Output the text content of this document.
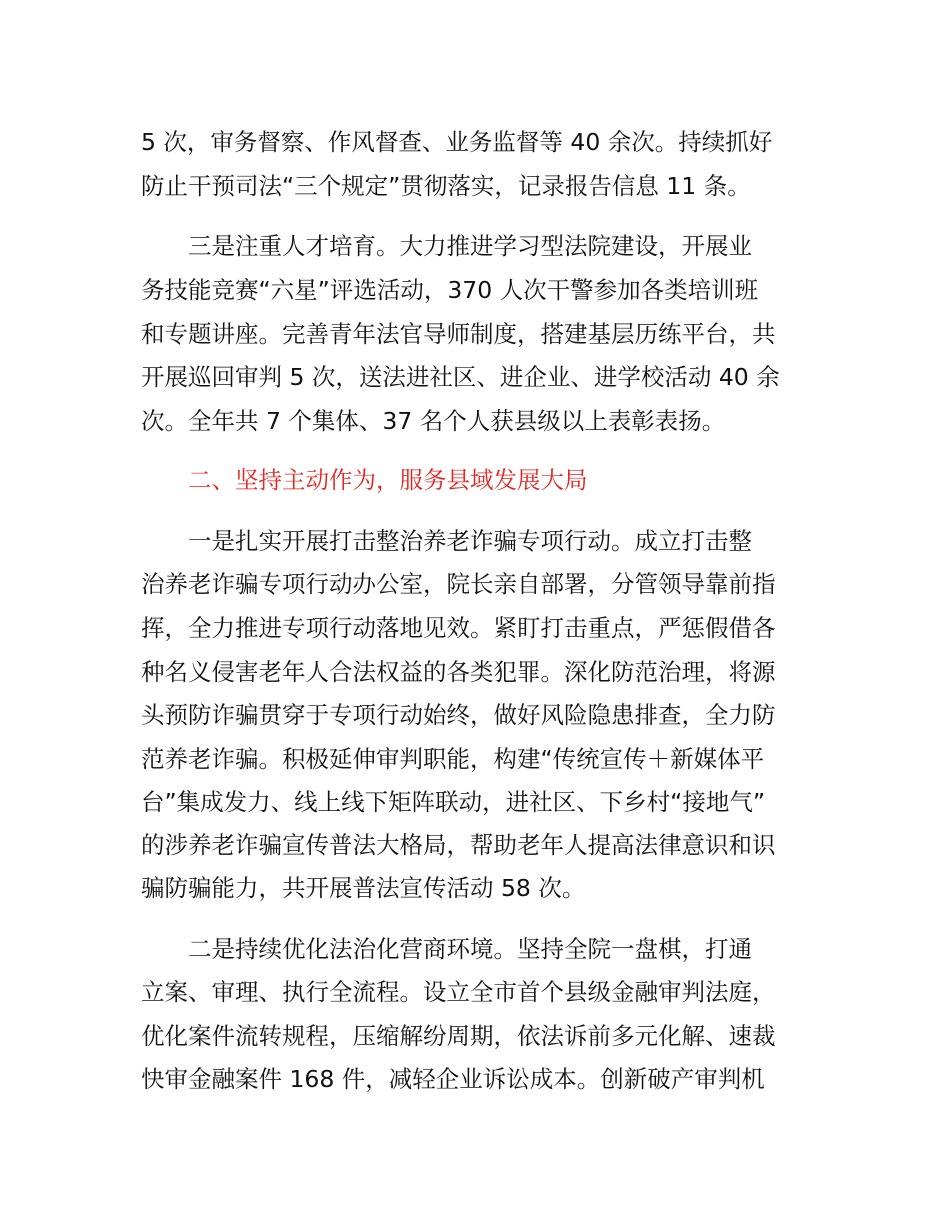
5 次，审务督察、作风督查、业务监督等 40 余次。持续抓好
防止干预司法“三个规定”贯彻落实，记录报告信息 11 条。
三是注重人才培育。大力推进学习型法院建设，开展业
务技能竞赛“六星”评选活动，370 人次干警参加各类培训班
和专题讲座。完善青年法官导师制度，搭建基层历练平台，共
开展巡回审判 5 次，送法进社区、进企业、进学校活动 40 余
次。全年共 7 个集体、37 名个人获县级以上表彰表扬。
二、坚持主动作为，服务县域发展大局
一是扎实开展打击整治养老诈骗专项行动。成立打击整
治养老诈骗专项行动办公室，院长亲自部署，分管领导靠前指
挥，全力推进专项行动落地见效。紧盯打击重点，严惩假借各
种名义侵害老年人合法权益的各类犯罪。深化防范治理，将源
头预防诈骗贯穿于专项行动始终，做好风险隐患排查，全力防
范养老诈骗。积极延伸审判职能，构建“传统宣传＋新媒体平
台”集成发力、线上线下矩阵联动，进社区、下乡村“接地气”
的涉养老诈骗宣传普法大格局，帮助老年人提高法律意识和识
骗防骗能力，共开展普法宣传活动 58 次。
二是持续优化法治化营商环境。坚持全院一盘棋，打通
立案、审理、执行全流程。设立全市首个县级金融审判法庭，
优化案件流转规程，压缩解纷周期，依法诉前多元化解、速裁
快审金融案件 168 件，减轻企业诉讼成本。创新破产审判机
